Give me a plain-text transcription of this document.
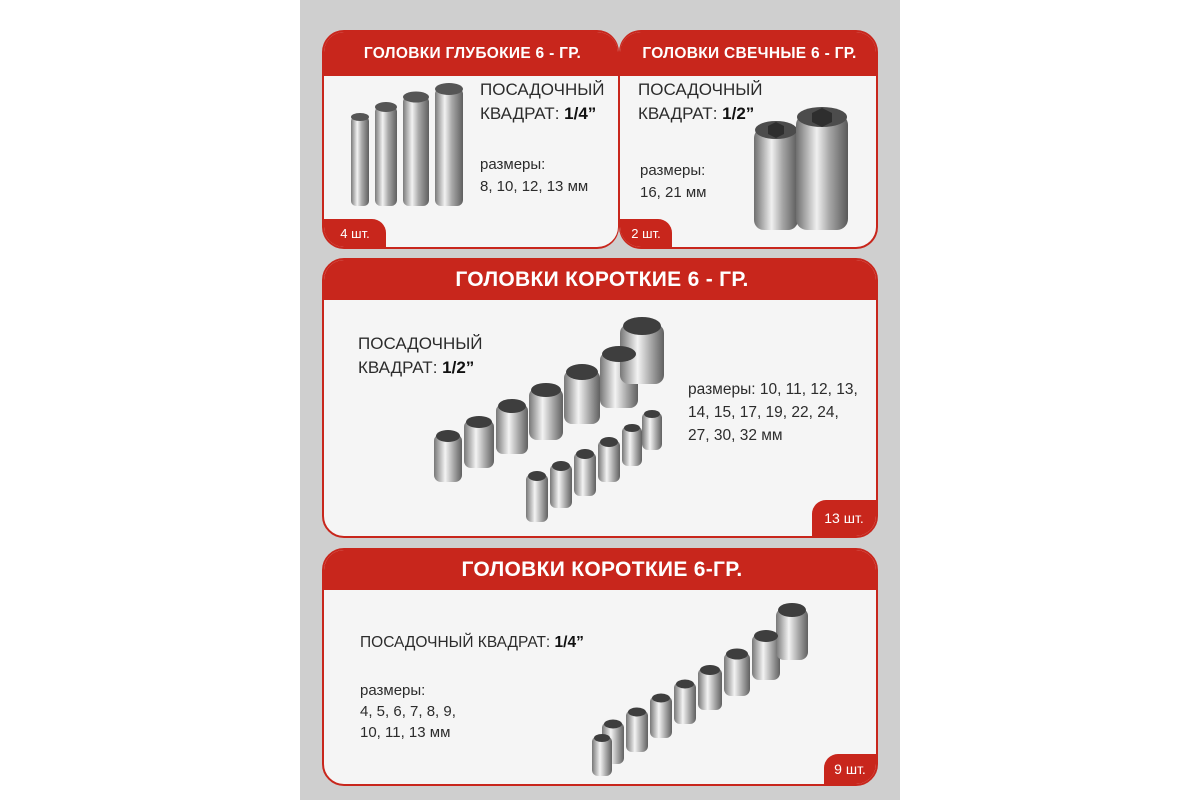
ГОЛОВКИ ГЛУБОКИЕ 6 - ГР.
ПОСАДОЧНЫЙ
КВАДРАТ: 1/4”
размеры:
8, 10, 12, 13 мм
4 шт.
ГОЛОВКИ СВЕЧНЫЕ 6 - ГР.
ПОСАДОЧНЫЙ
КВАДРАТ: 1/2”
размеры:
16, 21 мм
2 шт.
ГОЛОВКИ КОРОТКИЕ 6 - ГР.
ПОСАДОЧНЫЙ
КВАДРАТ: 1/2”
размеры: 10, 11, 12, 13,
14, 15, 17, 19, 22, 24,
27, 30, 32 мм
13 шт.
ГОЛОВКИ КОРОТКИЕ 6-ГР.
ПОСАДОЧНЫЙ КВАДРАТ: 1/4”
размеры:
4, 5, 6, 7, 8, 9,
10, 11, 13 мм
9 шт.
